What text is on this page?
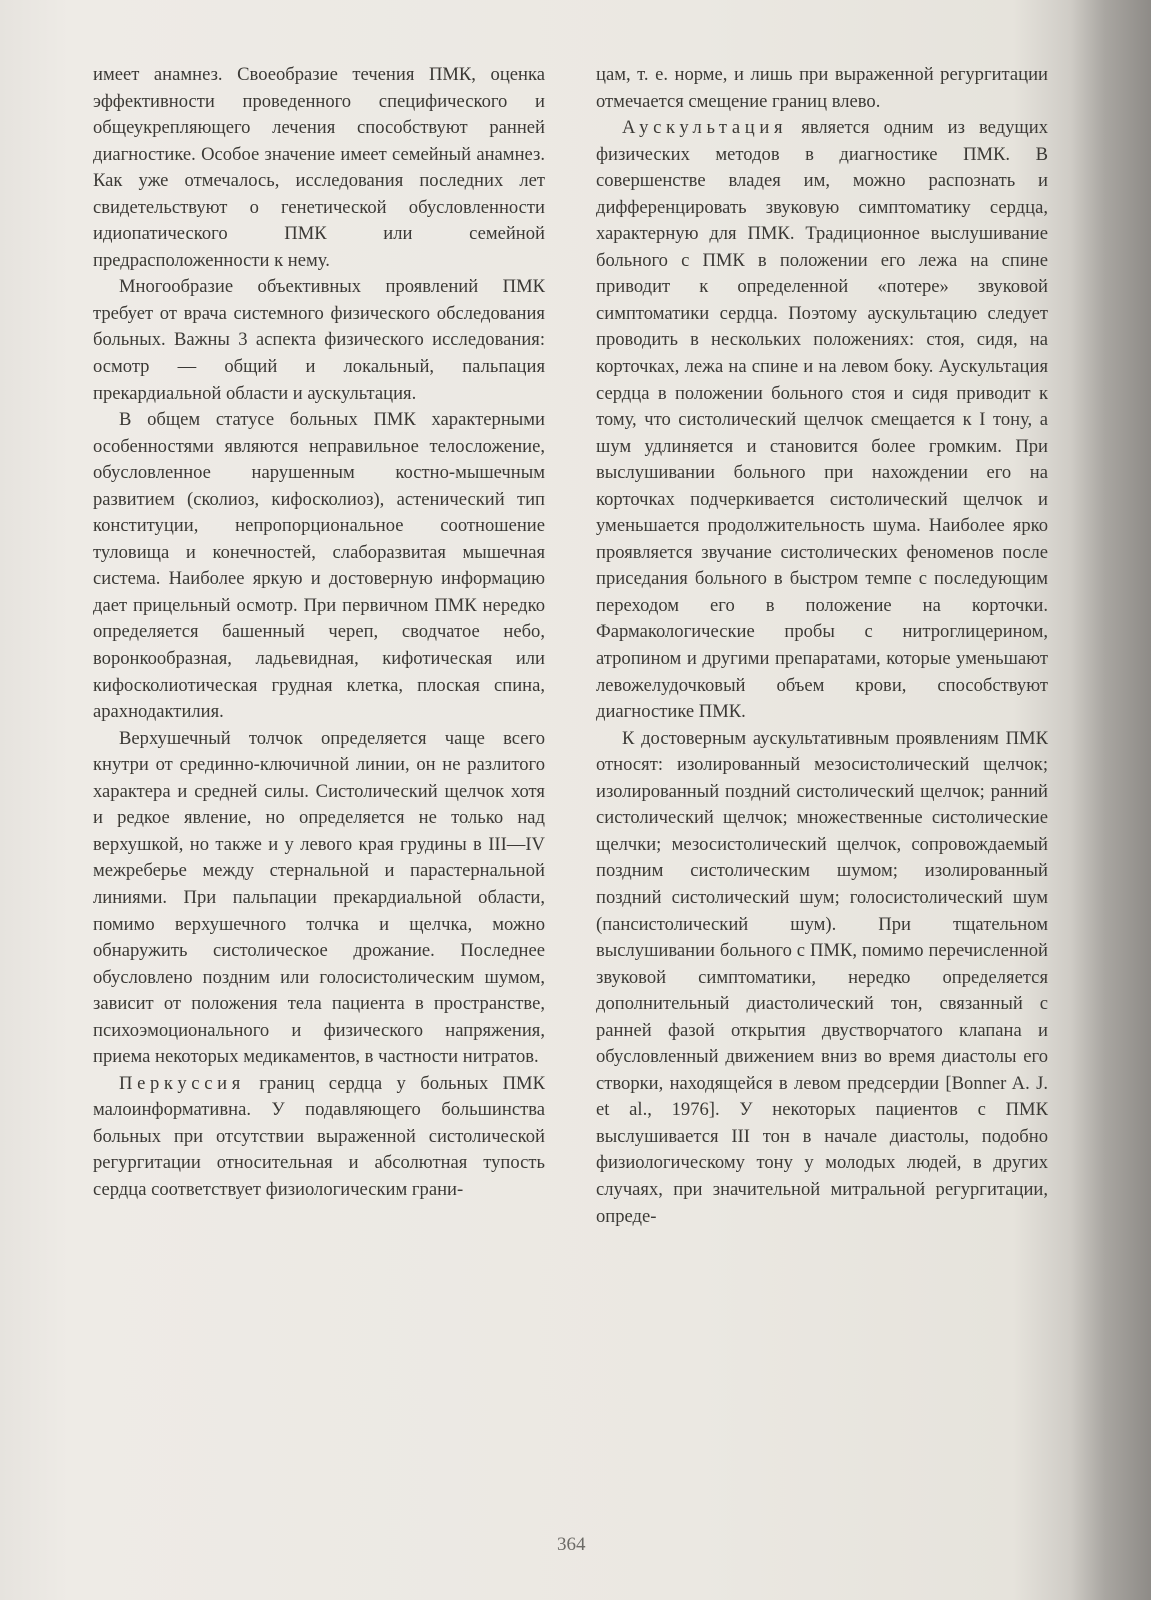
имеет анамнез. Своеобразие течения ПМК, оценка эффективности проведенного специфического и общеукрепляющего лечения способствуют ранней диагностике. Особое значение имеет семейный анамнез. Как уже отмечалось, исследования последних лет свидетельствуют о генетической обусловленности идиопатического ПМК или семейной предрасположенности к нему.

Многообразие объективных проявлений ПМК требует от врача системного физического обследования больных. Важны 3 аспекта физического исследования: осмотр — общий и локальный, пальпация прекардиальной области и аускультация.

В общем статусе больных ПМК характерными особенностями являются неправильное телосложение, обусловленное нарушенным костно-мышечным развитием (сколиоз, кифосколиоз), астенический тип конституции, непропорциональное соотношение туловища и конечностей, слаборазвитая мышечная система. Наиболее яркую и достоверную информацию дает прицельный осмотр. При первичном ПМК нередко определяется башенный череп, сводчатое небо, воронкообразная, ладьевидная, кифотическая или кифосколиотическая грудная клетка, плоская спина, арахнодактилия.

Верхушечный толчок определяется чаще всего кнутри от срединно-ключичной линии, он не разлитого характера и средней силы. Систолический щелчок хотя и редкое явление, но определяется не только над верхушкой, но также и у левого края грудины в III—IV межреберье между стернальной и парастернальной линиями. При пальпации прекардиальной области, помимо верхушечного толчка и щелчка, можно обнаружить систолическое дрожание. Последнее обусловлено поздним или голосистолическим шумом, зависит от положения тела пациента в пространстве, психоэмоционального и физического напряжения, приема некоторых медикаментов, в частности нитратов.

Перкуссия границ сердца у больных ПМК малоинформативна. У подавляющего большинства больных при отсутствии выраженной систолической регургитации относительная и абсолютная тупость сердца соответствует физиологическим грани-

цам, т. е. норме, и лишь при выраженной регургитации отмечается смещение границ влево.

Аускультация является одним из ведущих физических методов в диагностике ПМК. В совершенстве владея им, можно распознать и дифференцировать звуковую симптоматику сердца, характерную для ПМК. Традиционное выслушивание больного с ПМК в положении его лежа на спине приводит к определенной «потере» звуковой симптоматики сердца. Поэтому аускультацию следует проводить в нескольких положениях: стоя, сидя, на корточках, лежа на спине и на левом боку. Аускультация сердца в положении больного стоя и сидя приводит к тому, что систолический щелчок смещается к I тону, а шум удлиняется и становится более громким. При выслушивании больного при нахождении его на корточках подчеркивается систолический щелчок и уменьшается продолжительность шума. Наиболее ярко проявляется звучание систолических феноменов после приседания больного в быстром темпе с последующим переходом его в положение на корточки. Фармакологические пробы с нитроглицерином, атропином и другими препаратами, которые уменьшают левожелудочковый объем крови, способствуют диагностике ПМК.

К достоверным аускультативным проявлениям ПМК относят: изолированный мезосистолический щелчок; изолированный поздний систолический щелчок; ранний систолический щелчок; множественные систолические щелчки; мезосистолический щелчок, сопровождаемый поздним систолическим шумом; изолированный поздний систолический шум; голосистолический шум (пансистолический шум). При тщательном выслушивании больного с ПМК, помимо перечисленной звуковой симптоматики, нередко определяется дополнительный диастолический тон, связанный с ранней фазой открытия двустворчатого клапана и обусловленный движением вниз во время диастолы его створки, находящейся в левом предсердии [Bonner A. J. et al., 1976]. У некоторых пациентов с ПМК выслушивается III тон в начале диастолы, подобно физиологическому тону у молодых людей, в других случаях, при значительной митральной регургитации, опреде-

364
